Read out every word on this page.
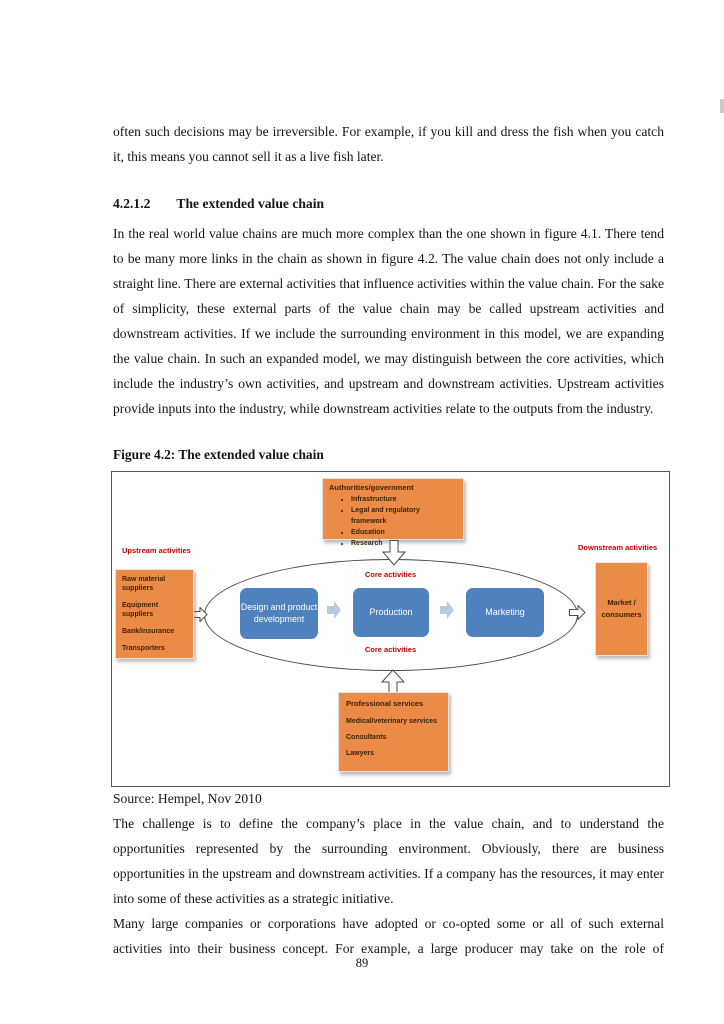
often such decisions may be irreversible. For example, if you kill and dress the fish when you catch it, this means you cannot sell it as a live fish later.

4.2.1.2 The extended value chain

In the real world value chains are much more complex than the one shown in figure 4.1. There tend to be many more links in the chain as shown in figure 4.2. The value chain does not only include a straight line. There are external activities that influence activities within the value chain. For the sake of simplicity, these external parts of the value chain may be called upstream activities and downstream activities. If we include the surrounding environment in this model, we are expanding the value chain. In such an expanded model, we may distinguish between the core activities, which include the industry’s own activities, and upstream and downstream activities. Upstream activities provide inputs into the industry, while downstream activities relate to the outputs from the industry.

Figure 4.2: The extended value chain
Authorities/government
• Infrastructure
• Legal and regulatory framework
• Education
• Research
Upstream activities	Downstream activities
Core activities
Core activities
Raw material suppliers
Equipment suppliers
Bank/insurance
Transporters
Design and product development
Production	Marketing
Market / consumers
Professional services
Medical/veterinary services
Consultants
Lawyers

Source: Hempel, Nov 2010

The challenge is to define the company’s place in the value chain, and to understand the opportunities represented by the surrounding environment. Obviously, there are business opportunities in the upstream and downstream activities. If a company has the resources, it may enter into some of these activities as a strategic initiative.

Many large companies or corporations have adopted or co-opted some or all of such external activities into their business concept. For example, a large producer may take on the role of

89
